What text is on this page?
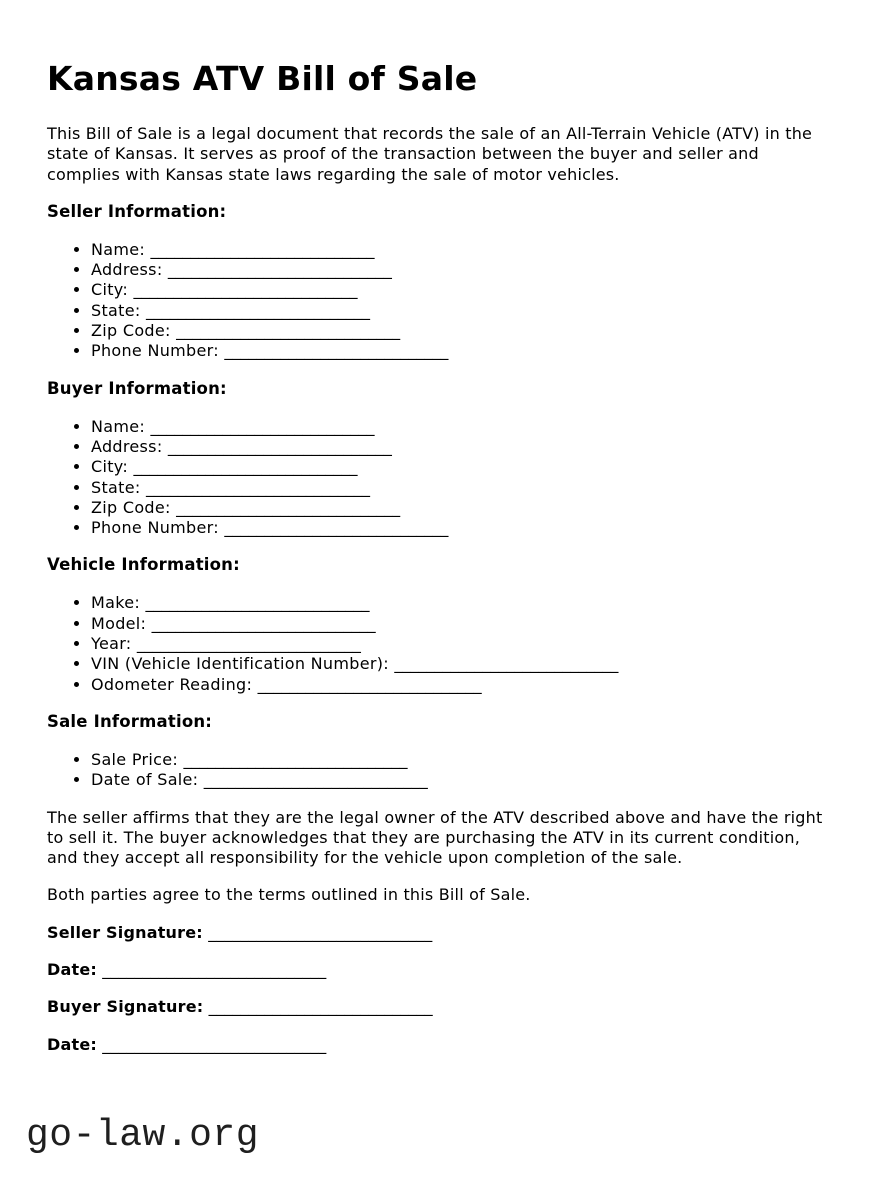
Kansas ATV Bill of Sale

This Bill of Sale is a legal document that records the sale of an All-Terrain Vehicle (ATV) in the state of Kansas. It serves as proof of the transaction between the buyer and seller and complies with Kansas state laws regarding the sale of motor vehicles.

Seller Information:
• Name: ____________________________
• Address: ____________________________
• City: ____________________________
• State: ____________________________
• Zip Code: ____________________________
• Phone Number: ____________________________
Buyer Information:
• Name: ____________________________
• Address: ____________________________
• City: ____________________________
• State: ____________________________
• Zip Code: ____________________________
• Phone Number: ____________________________
Vehicle Information:
• Make: ____________________________
• Model: ____________________________
• Year: ____________________________
• VIN (Vehicle Identification Number): ____________________________
• Odometer Reading: ____________________________
Sale Information:
• Sale Price: ____________________________
• Date of Sale: ____________________________

The seller affirms that they are the legal owner of the ATV described above and have the right to sell it. The buyer acknowledges that they are purchasing the ATV in its current condition, and they accept all responsibility for the vehicle upon completion of the sale.

Both parties agree to the terms outlined in this Bill of Sale.

Seller Signature: ____________________________

Date: ____________________________

Buyer Signature: ____________________________

Date: ____________________________

go-law.org
